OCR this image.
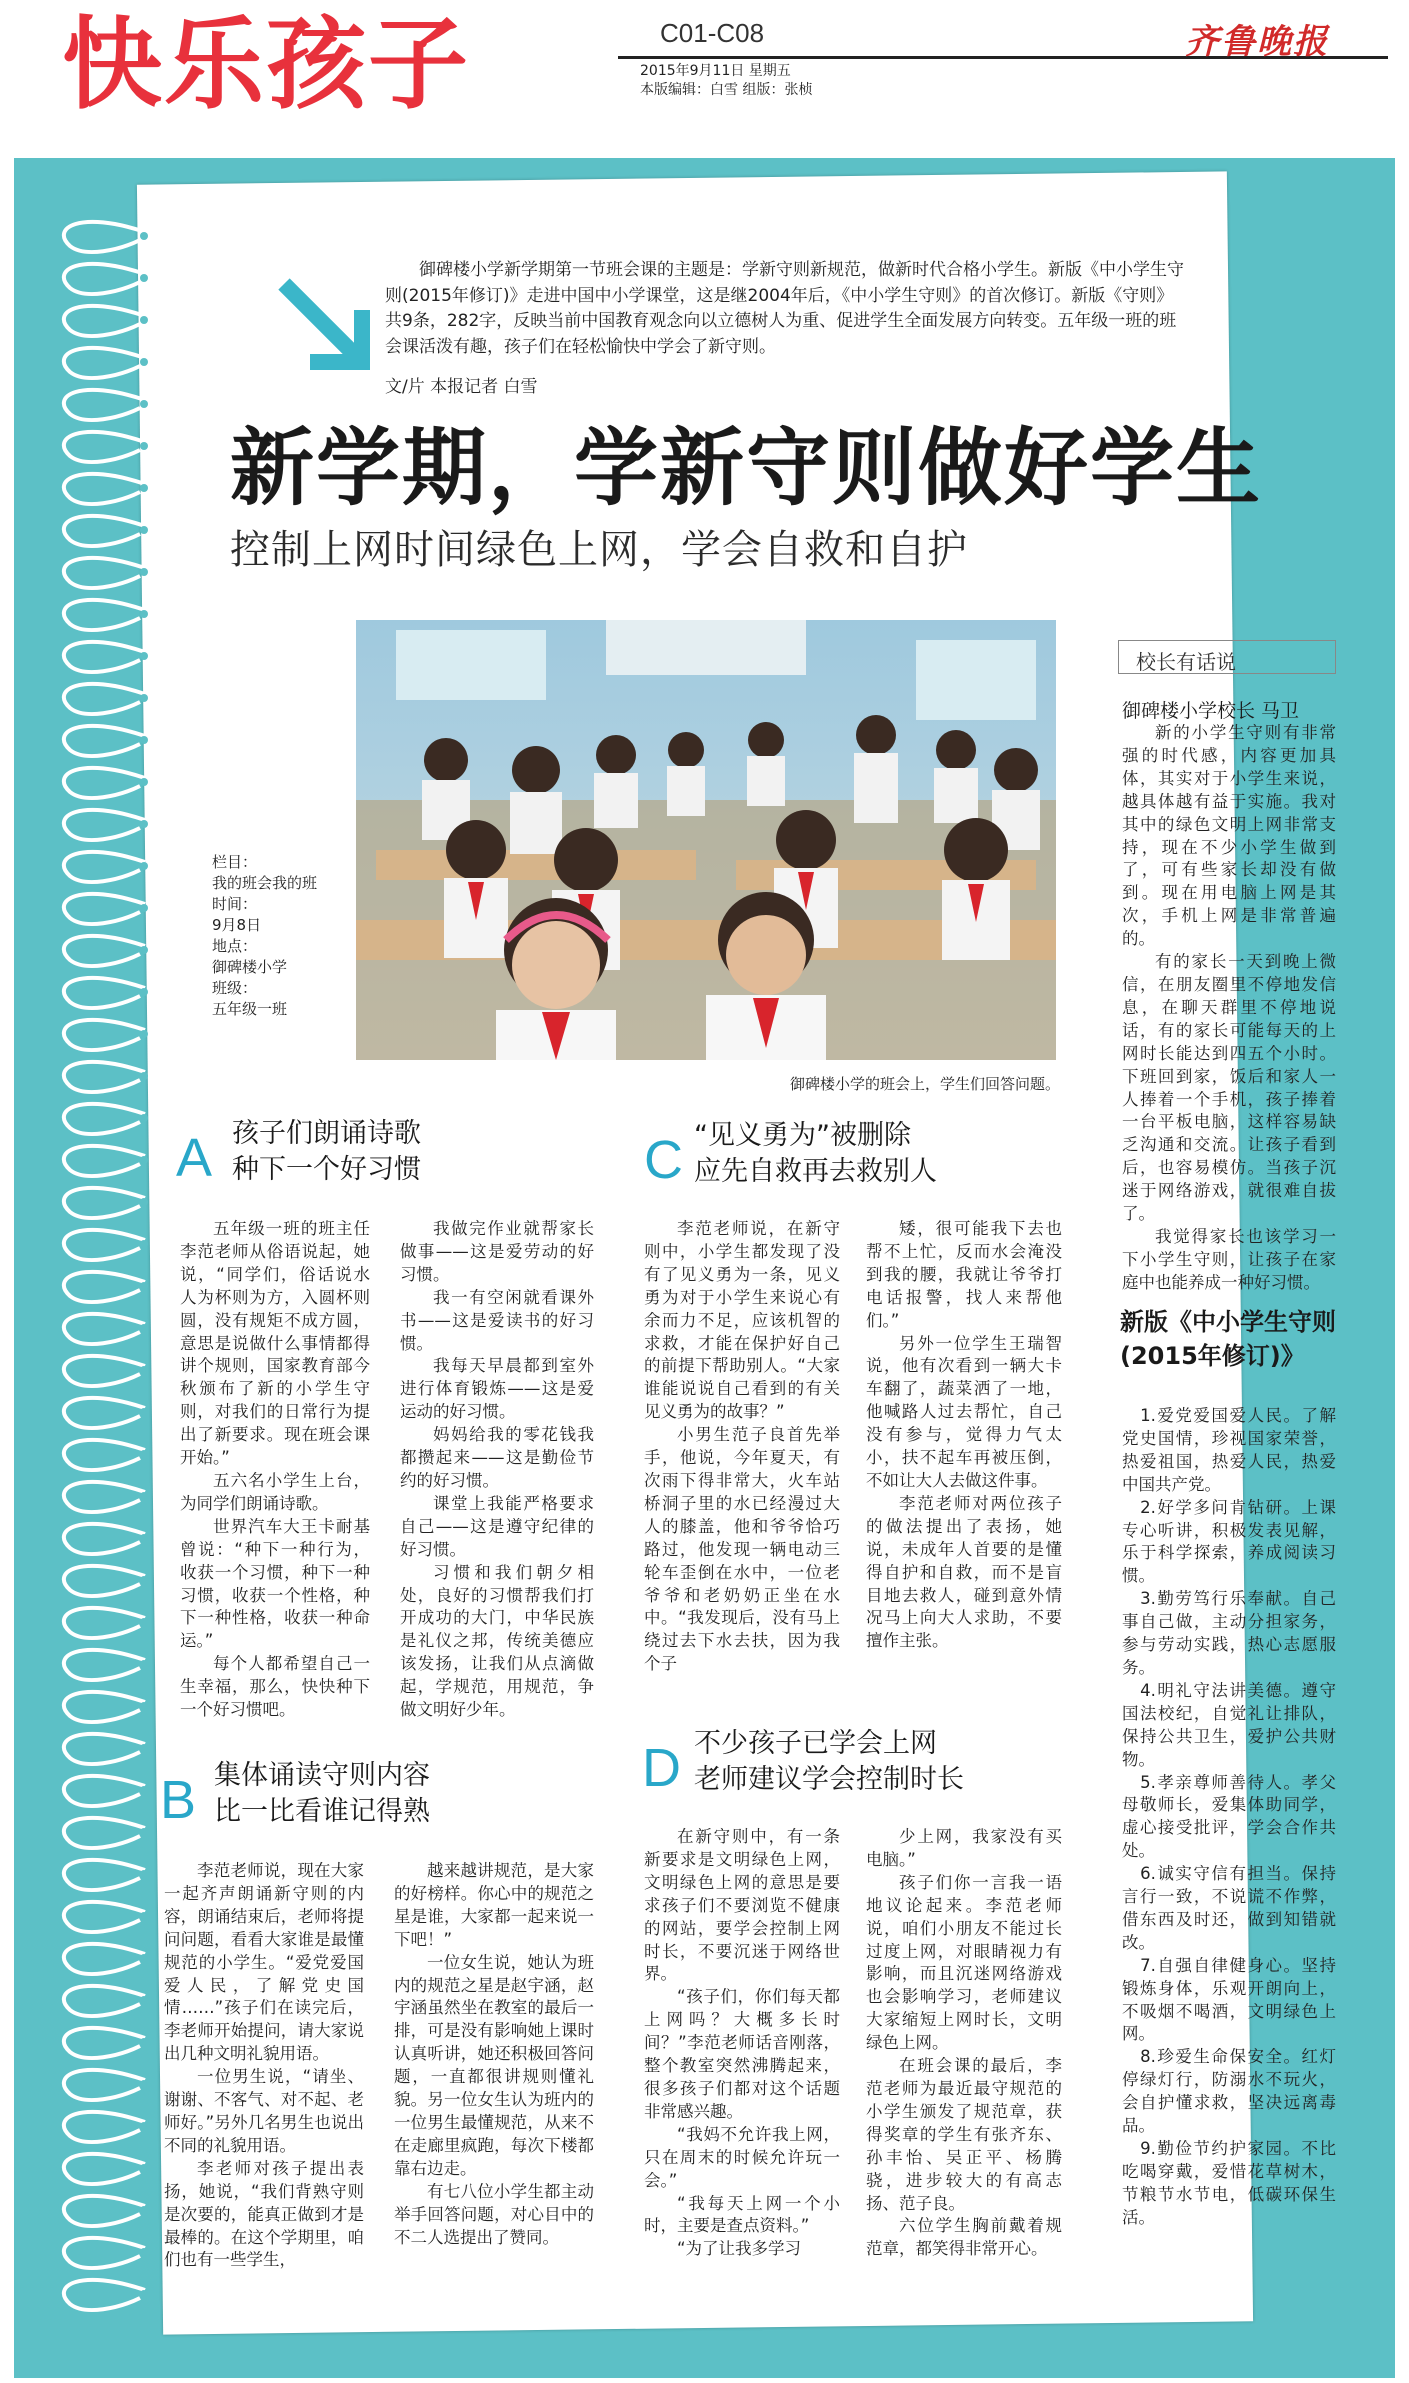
快乐孩子	C01-C08
2015年9月11日 星期五
本版编辑：白雪 组版：张桢
齐鲁晚报
御碑楼小学新学期第一节班会课的主题是：学新守则新规范，做新时代合格小学生。新版《中小学生守则(2015年修订)》走进中国中小学课堂，这是继2004年后，《中小学生守则》的首次修订。新版《守则》共9条，282字，反映当前中国教育观念向以立德树人为重、促进学生全面发展方向转变。五年级一班的班会课活泼有趣，孩子们在轻松愉快中学会了新守则。
文/片 本报记者 白雪
新学期，学新守则做好学生
控制上网时间绿色上网，学会自救和自护
御碑楼小学的班会上，学生们回答问题。
栏目：
我的班会我的班
时间：
9月8日
地点：
御碑楼小学
班级：
五年级一班
A 孩子们朗诵诗歌
种下一个好习惯

五年级一班的班主任李范老师从俗语说起，她说，“同学们，俗话说水人为杯则为方，入圆杯则圆，没有规矩不成方圆，意思是说做什么事情都得讲个规则，国家教育部今秋颁布了新的小学生守则，对我们的日常行为提出了新要求。现在班会课开始。”

五六名小学生上台，为同学们朗诵诗歌。

世界汽车大王卡耐基曾说：“种下一种行为，收获一个习惯，种下一种习惯，收获一个性格，种下一种性格，收获一种命运。”

每个人都希望自己一生幸福，那么，快快种下一个好习惯吧。

我做完作业就帮家长做事——这是爱劳动的好习惯。

我一有空闲就看课外书——这是爱读书的好习惯。

我每天早晨都到室外进行体育锻炼——这是爱运动的好习惯。

妈妈给我的零花钱我都攒起来——这是勤俭节约的好习惯。

课堂上我能严格要求自己——这是遵守纪律的好习惯。

习惯和我们朝夕相处，良好的习惯帮我们打开成功的大门，中华民族是礼仪之邦，传统美德应该发扬，让我们从点滴做起，学规范，用规范，争做文明好少年。

B 集体诵读守则内容
比一比看谁记得熟

李范老师说，现在大家一起齐声朗诵新守则的内容，朗诵结束后，老师将提问问题，看看大家谁是最懂规范的小学生。“爱党爱国爱人民，了解党史国情……”孩子们在读完后，李老师开始提问，请大家说出几种文明礼貌用语。

一位男生说，“请坐、谢谢、不客气、对不起、老师好。”另外几名男生也说出不同的礼貌用语。

李老师对孩子提出表扬，她说，“我们背熟守则是次要的，能真正做到才是最棒的。在这个学期里，咱们也有一些学生，

越来越讲规范，是大家的好榜样。你心中的规范之星是谁，大家都一起来说一下吧！”

一位女生说，她认为班内的规范之星是赵宇涵，赵宇涵虽然坐在教室的最后一排，可是没有影响她上课时认真听讲，她还积极回答问题，一直都很讲规则懂礼貌。另一位女生认为班内的一位男生最懂规范，从来不在走廊里疯跑，每次下楼都靠右边走。

有七八位小学生都主动举手回答问题，对心目中的不二人选提出了赞同。

C “见义勇为”被删除
应先自救再去救别人

李范老师说，在新守则中，小学生都发现了没有了见义勇为一条，见义勇为对于小学生来说心有余而力不足，应该机智的求救，才能在保护好自己的前提下帮助别人。“大家谁能说说自己看到的有关见义勇为的故事？”

小男生范子良首先举手，他说，今年夏天，有次雨下得非常大，火车站桥洞子里的水已经漫过大人的膝盖，他和爷爷恰巧路过，他发现一辆电动三轮车歪倒在水中，一位老爷爷和老奶奶正坐在水中。“我发现后，没有马上绕过去下水去扶，因为我个子

矮，很可能我下去也帮不上忙，反而水会淹没到我的腰，我就让爷爷打电话报警，找人来帮他们。”

另外一位学生王瑞智说，他有次看到一辆大卡车翻了，蔬菜洒了一地，他喊路人过去帮忙，自己没有参与，觉得力气太小，扶不起车再被压倒，不如让大人去做这件事。

李范老师对两位孩子的做法提出了表扬，她说，未成年人首要的是懂得自护和自救，而不是盲目地去救人，碰到意外情况马上向大人求助，不要擅作主张。

D 不少孩子已学会上网
老师建议学会控制时长

在新守则中，有一条新要求是文明绿色上网，文明绿色上网的意思是要求孩子们不要浏览不健康的网站，要学会控制上网时长，不要沉迷于网络世界。

“孩子们，你们每天都上网吗？大概多长时间？”李范老师话音刚落，整个教室突然沸腾起来，很多孩子们都对这个话题非常感兴趣。

“我妈不允许我上网，只在周末的时候允许玩一会。”

“我每天上网一个小时，主要是查点资料。”

“为了让我多学习

少上网，我家没有买电脑。”

孩子们你一言我一语地议论起来。李范老师说，咱们小朋友不能过长过度上网，对眼睛视力有影响，而且沉迷网络游戏也会影响学习，老师建议大家缩短上网时长，文明绿色上网。

在班会课的最后，李范老师为最近最守规范的小学生颁发了规范章，获得奖章的学生有张齐东、孙丰怡、吴正平、杨腾骁，进步较大的有高志扬、范子良。

六位学生胸前戴着规范章，都笑得非常开心。

校长有话说
御碑楼小学校长 马卫

新的小学生守则有非常强的时代感，内容更加具体，其实对于小学生来说，越具体越有益于实施。我对其中的绿色文明上网非常支持，现在不少小学生做到了，可有些家长却没有做到。现在用电脑上网是其次，手机上网是非常普遍的。

有的家长一天到晚上微信，在朋友圈里不停地发信息，在聊天群里不停地说话，有的家长可能每天的上网时长能达到四五个小时。下班回到家，饭后和家人一人捧着一个手机，孩子捧着一台平板电脑，这样容易缺乏沟通和交流。让孩子看到后，也容易模仿。当孩子沉迷于网络游戏，就很难自拔了。

我觉得家长也该学习一下小学生守则，让孩子在家庭中也能养成一种好习惯。

新版《中小学生守则(2015年修订)》

1.爱党爱国爱人民。了解党史国情，珍视国家荣誉，热爱祖国，热爱人民，热爱中国共产党。

2.好学多问肯钻研。上课专心听讲，积极发表见解，乐于科学探索，养成阅读习惯。

3.勤劳笃行乐奉献。自己事自己做，主动分担家务，参与劳动实践，热心志愿服务。

4.明礼守法讲美德。遵守国法校纪，自觉礼让排队，保持公共卫生，爱护公共财物。

5.孝亲尊师善待人。孝父母敬师长，爱集体助同学，虚心接受批评，学会合作共处。

6.诚实守信有担当。保持言行一致，不说谎不作弊，借东西及时还，做到知错就改。

7.自强自律健身心。坚持锻炼身体，乐观开朗向上，不吸烟不喝酒，文明绿色上网。

8.珍爱生命保安全。红灯停绿灯行，防溺水不玩火，会自护懂求救，坚决远离毒品。

9.勤俭节约护家园。不比吃喝穿戴，爱惜花草树木，节粮节水节电，低碳环保生活。
